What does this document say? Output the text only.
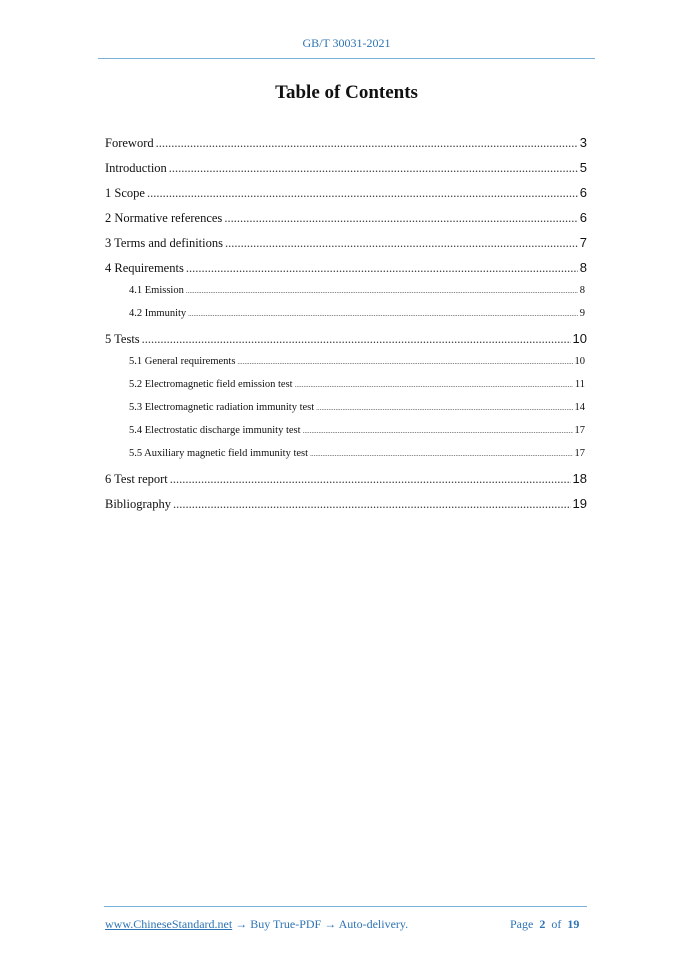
GB/T 30031-2021
Table of Contents
Foreword .....	3
Introduction .....	5
1 Scope .....	6
2 Normative references .....	6
3 Terms and definitions .....	7
4 Requirements .....	8
4.1 Emission .....	8
4.2 Immunity .....	9
5 Tests .....	10
5.1 General requirements .....	10
5.2 Electromagnetic field emission test .....	11
5.3 Electromagnetic radiation immunity test .....	14
5.4 Electrostatic discharge immunity test .....	17
5.5 Auxiliary magnetic field immunity test .....	17
6 Test report .....	18
Bibliography .....	19
www.ChineseStandard.net → Buy True-PDF → Auto-delivery.	Page 2 of 19
